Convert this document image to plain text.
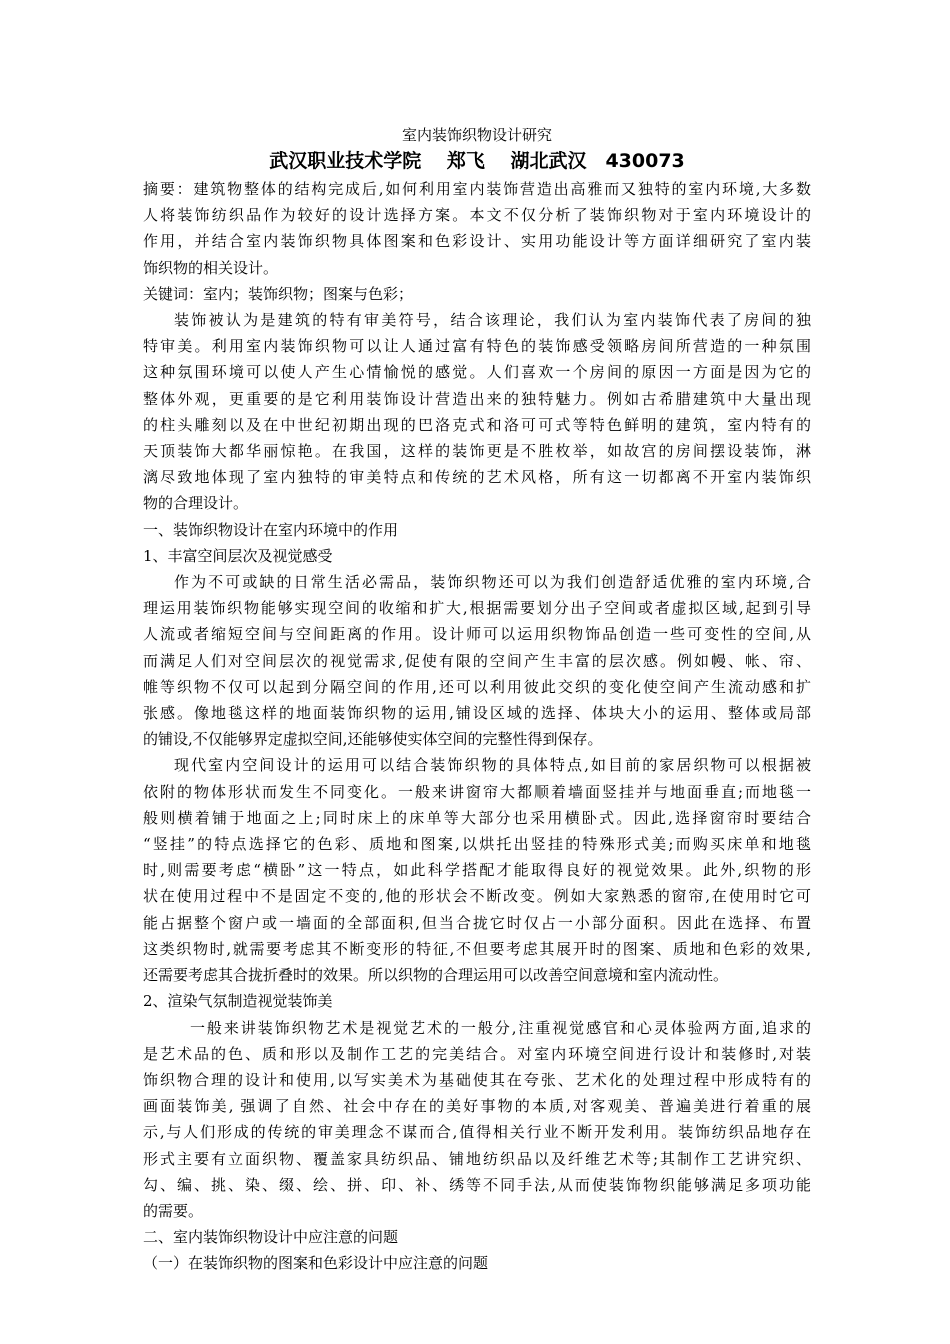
室内装饰织物设计研究
武汉职业技术学院　 郑飞　 湖北武汉　430073
摘要：建筑物整体的结构完成后,如何利用室内装饰营造出高雅而又独特的室内环境,大多数
人将装饰纺织品作为较好的设计选择方案。本文不仅分析了装饰织物对于室内环境设计的
作用，并结合室内装饰织物具体图案和色彩设计、实用功能设计等方面详细研究了室内装
饰织物的相关设计。
关键词：室内；装饰织物；图案与色彩；
装饰被认为是建筑的特有审美符号，结合该理论，我们认为室内装饰代表了房间的独
特审美。利用室内装饰织物可以让人通过富有特色的装饰感受领略房间所营造的一种氛围
这种氛围环境可以使人产生心情愉悦的感觉。人们喜欢一个房间的原因一方面是因为它的
整体外观，更重要的是它利用装饰设计营造出来的独特魅力。例如古希腊建筑中大量出现
的柱头雕刻以及在中世纪初期出现的巴洛克式和洛可可式等特色鲜明的建筑，室内特有的
天顶装饰大都华丽惊艳。在我国，这样的装饰更是不胜枚举，如故宫的房间摆设装饰，淋
漓尽致地体现了室内独特的审美特点和传统的艺术风格，所有这一切都离不开室内装饰织
物的合理设计。
一、装饰织物设计在室内环境中的作用
1、丰富空间层次及视觉感受
作为不可或缺的日常生活必需品，装饰织物还可以为我们创造舒适优雅的室内环境,合
理运用装饰织物能够实现空间的收缩和扩大,根据需要划分出子空间或者虚拟区域,起到引导
人流或者缩短空间与空间距离的作用。设计师可以运用织物饰品创造一些可变性的空间,从
而满足人们对空间层次的视觉需求,促使有限的空间产生丰富的层次感。例如幔、帐、帘、
帷等织物不仅可以起到分隔空间的作用,还可以利用彼此交织的变化使空间产生流动感和扩
张感。像地毯这样的地面装饰织物的运用,铺设区域的选择、体块大小的运用、整体或局部
的铺设,不仅能够界定虚拟空间,还能够使实体空间的完整性得到保存。
现代室内空间设计的运用可以结合装饰织物的具体特点,如目前的家居织物可以根据被
依附的物体形状而发生不同变化。一般来讲窗帘大都顺着墙面竖挂并与地面垂直;而地毯一
般则横着铺于地面之上;同时床上的床单等大部分也采用横卧式。因此,选择窗帘时要结合
“竖挂”的特点选择它的色彩、质地和图案,以烘托出竖挂的特殊形式美;而购买床单和地毯
时,则需要考虑“横卧”这一特点，如此科学搭配才能取得良好的视觉效果。此外,织物的形
状在使用过程中不是固定不变的,他的形状会不断改变。例如大家熟悉的窗帘,在使用时它可
能占据整个窗户或一墙面的全部面积,但当合拢它时仅占一小部分面积。因此在选择、布置
这类织物时,就需要考虑其不断变形的特征,不但要考虑其展开时的图案、质地和色彩的效果,
还需要考虑其合拢折叠时的效果。所以织物的合理运用可以改善空间意境和室内流动性。
2、渲染气氛制造视觉装饰美
一般来讲装饰织物艺术是视觉艺术的一般分,注重视觉感官和心灵体验两方面,追求的
是艺术品的色、质和形以及制作工艺的完美结合。对室内环境空间进行设计和装修时,对装
饰织物合理的设计和使用,以写实美术为基础使其在夸张、艺术化的处理过程中形成特有的
画面装饰美, 强调了自然、社会中存在的美好事物的本质,对客观美、普遍美进行着重的展
示,与人们形成的传统的审美理念不谋而合,值得相关行业不断开发利用。装饰纺织品地存在
形式主要有立面织物、覆盖家具纺织品、铺地纺织品以及纤维艺术等;其制作工艺讲究织、
勾、编、挑、染、缀、绘、拼、印、补、绣等不同手法,从而使装饰物织能够满足多项功能
的需要。
二、室内装饰织物设计中应注意的问题
（一）在装饰织物的图案和色彩设计中应注意的问题
